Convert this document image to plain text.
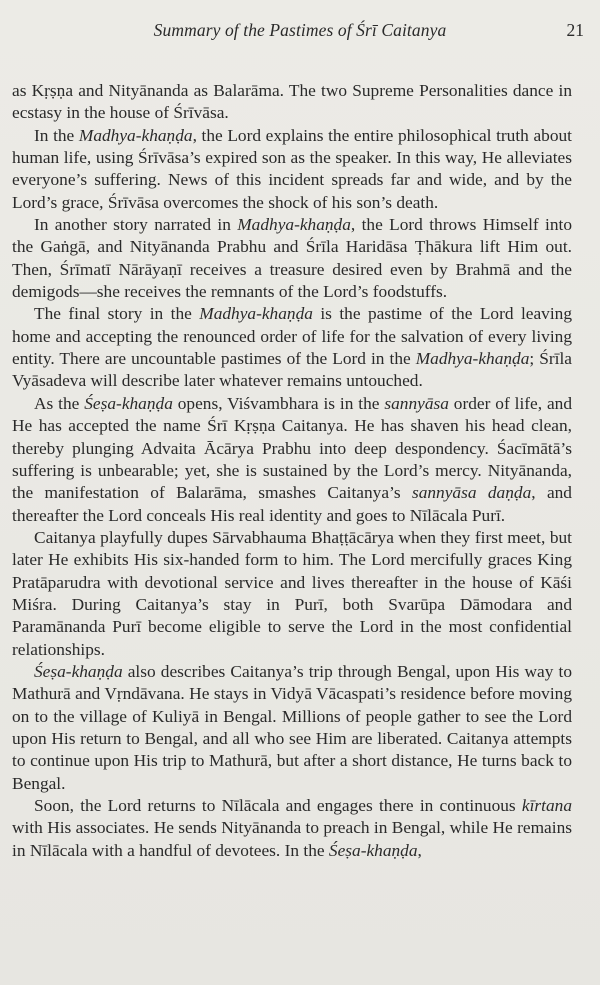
Summary of the Pastimes of Śrī Caitanya	21

as Kṛṣṇa and Nityānanda as Balarāma. The two Supreme Personalities dance in ecstasy in the house of Śrīvāsa.

In the Madhya-khaṇḍa, the Lord explains the entire philosophical truth about human life, using Śrīvāsa’s expired son as the speaker. In this way, He alleviates everyone’s suffering. News of this incident spreads far and wide, and by the Lord’s grace, Śrīvāsa overcomes the shock of his son’s death.

In another story narrated in Madhya-khaṇḍa, the Lord throws Himself into the Gaṅgā, and Nityānanda Prabhu and Śrīla Haridāsa Ṭhākura lift Him out. Then, Śrīmatī Nārāyaṇī receives a treasure desired even by Brahmā and the demigods—she receives the remnants of the Lord’s foodstuffs.

The final story in the Madhya-khaṇḍa is the pastime of the Lord leaving home and accepting the renounced order of life for the salvation of every living entity. There are uncountable pastimes of the Lord in the Madhya-khaṇḍa; Śrīla Vyāsadeva will describe later whatever remains untouched.

As the Śeṣa-khaṇḍa opens, Viśvambhara is in the sannyāsa order of life, and He has accepted the name Śrī Kṛṣṇa Caitanya. He has shaven his head clean, thereby plunging Advaita Ācārya Prabhu into deep despondency. Śacīmātā’s suffering is unbearable; yet, she is sustained by the Lord’s mercy. Nityānanda, the manifestation of Balarāma, smashes Caitanya’s sannyāsa daṇḍa, and thereafter the Lord conceals His real identity and goes to Nīlācala Purī.

Caitanya playfully dupes Sārvabhauma Bhaṭṭācārya when they first meet, but later He exhibits His six-handed form to him. The Lord mercifully graces King Pratāparudra with devotional service and lives thereafter in the house of Kāśi Miśra. During Caitanya’s stay in Purī, both Svarūpa Dāmodara and Paramānanda Purī become eligible to serve the Lord in the most confidential relationships.

Śeṣa-khaṇḍa also describes Caitanya’s trip through Bengal, upon His way to Mathurā and Vṛndāvana. He stays in Vidyā Vācaspati’s residence before moving on to the village of Kuliyā in Bengal. Millions of people gather to see the Lord upon His return to Bengal, and all who see Him are liberated. Caitanya attempts to continue upon His trip to Mathurā, but after a short distance, He turns back to Bengal.

Soon, the Lord returns to Nīlācala and engages there in continuous kīrtana with His associates. He sends Nityānanda to preach in Bengal, while He remains in Nīlācala with a handful of devotees. In the Śeṣa-khaṇḍa,
